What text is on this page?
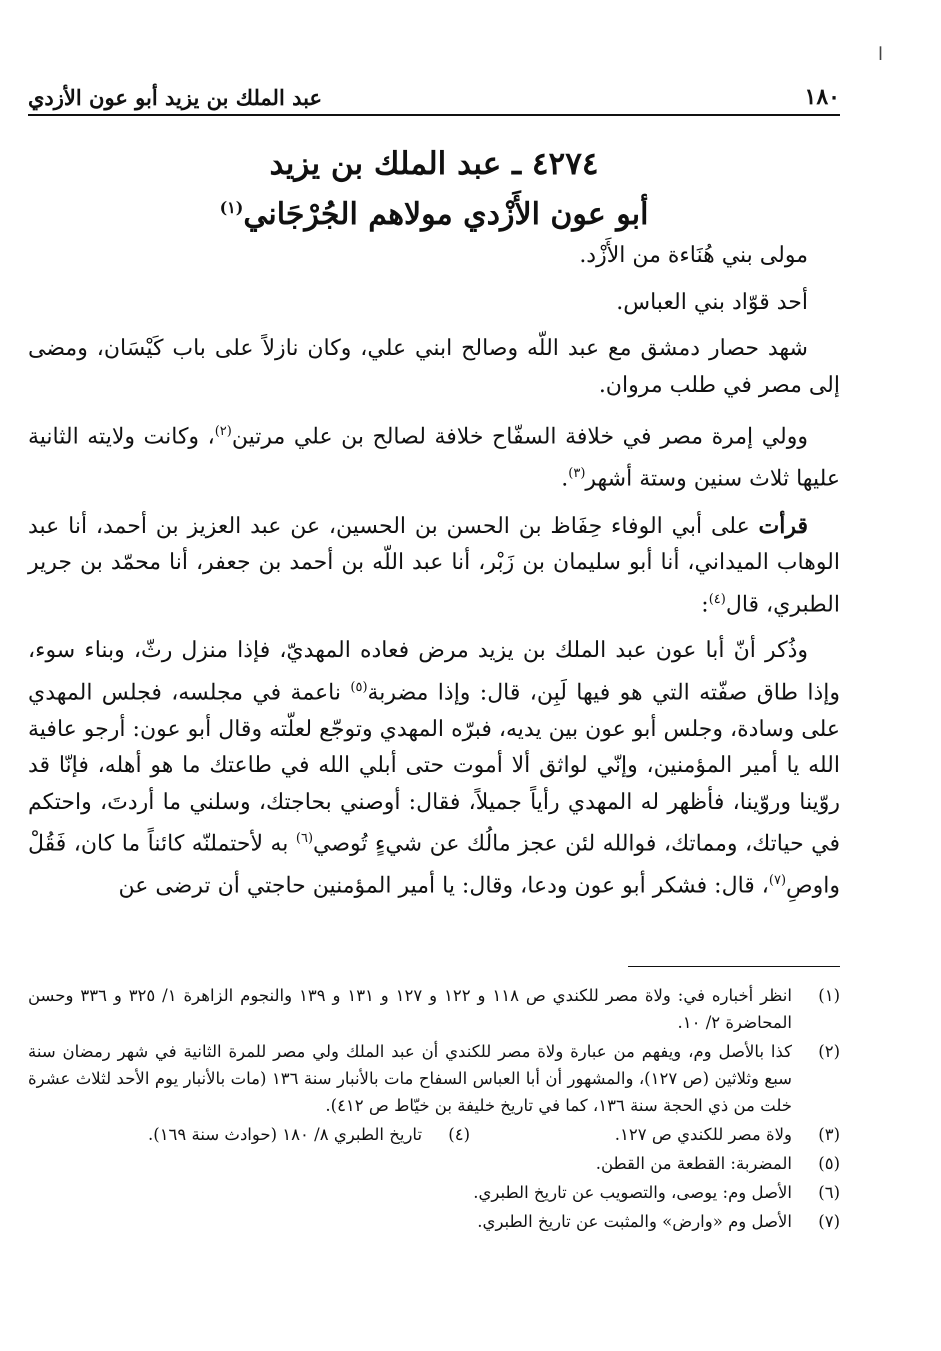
ا
١٨٠
عبد الملك بن يزيد أبو عون الأزدي
٤٢٧٤ ـ عبد الملك بن يزيد
أبو عون الأَزْدي مولاهم الجُرْجَاني$^{(١)}$

مولى بني هُنَاءة من الأَزْد.

أحد قوّاد بني العباس.

شهد حصار دمشق مع عبد اللّه وصالح ابني علي، وكان نازلاً على باب كَيْسَان، ومضى إلى مصر في طلب مروان.

وولي إمرة مصر في خلافة السفّاح خلافة لصالح بن علي مرتين$^{(٢)}$، وكانت ولايته الثانية عليها ثلاث سنين وستة أشهر$^{(٣)}$.

قرأت على أبي الوفاء حِفَاظ بن الحسن بن الحسين، عن عبد العزيز بن أحمد، أنا عبد الوهاب الميداني، أنا أبو سليمان بن زَبْر، أنا عبد اللّه بن أحمد بن جعفر، أنا محمّد بن جرير الطبري، قال$^{(٤)}$:

وذُكر أنّ أبا عون عبد الملك بن يزيد مرض فعاده المهديّ، فإذا منزل رثّ، وبناء سوء، وإذا طاق صفّته التي هو فيها لَبِن، قال: وإذا مضربة$^{(٥)}$ ناعمة في مجلسه، فجلس المهدي على وسادة، وجلس أبو عون بين يديه، فبرّه المهدي وتوجّع لعلّته وقال أبو عون: أرجو عافية الله يا أمير المؤمنين، وإنّي لواثق ألا أموت حتى أبلي الله في طاعتك ما هو أهله، فإنّا قد روّينا وروّينا، فأظهر له المهدي رأياً جميلاً، فقال: أوصني بحاجتك، وسلني ما أردتَ، واحتكم في حياتك، ومماتك، فوالله لئن عجز مالُك عن شيءٍ تُوصي$^{(٦)}$ به لأحتملنّه كائناً ما كان، فَقُلْ واوصِ$^{(٧)}$، قال: فشكر أبو عون ودعا، وقال: يا أمير المؤمنين حاجتي أن ترضى عن

(١)
انظر أخباره في: ولاة مصر للكندي ص ١١٨ و ١٢٢ و ١٢٧ و ١٣١ و ١٣٩ والنجوم الزاهرة ١/ ٣٢٥ و ٣٣٦ وحسن المحاضرة ٢/ ١٠.
(٢)
كذا بالأصل وم، ويفهم من عبارة ولاة مصر للكندي أن عبد الملك ولي مصر للمرة الثانية في شهر رمضان سنة سبع وثلاثين (ص ١٢٧)، والمشهور أن أبا العباس السفاح مات بالأنبار سنة ١٣٦ (مات بالأنبار يوم الأحد لثلاث عشرة خلت من ذي الحجة سنة ١٣٦، كما في تاريخ خليفة بن خيّاط ص ٤١٢).
(٣)
ولاة مصر للكندي ص ١٢٧.
(٤)
تاريخ الطبري ٨/ ١٨٠ (حوادث سنة ١٦٩).
(٥)
المضربة: القطعة من القطن.
(٦)
الأصل وم: يوصى، والتصويب عن تاريخ الطبري.
(٧)
الأصل وم «وارض» والمثبت عن تاريخ الطبري.
